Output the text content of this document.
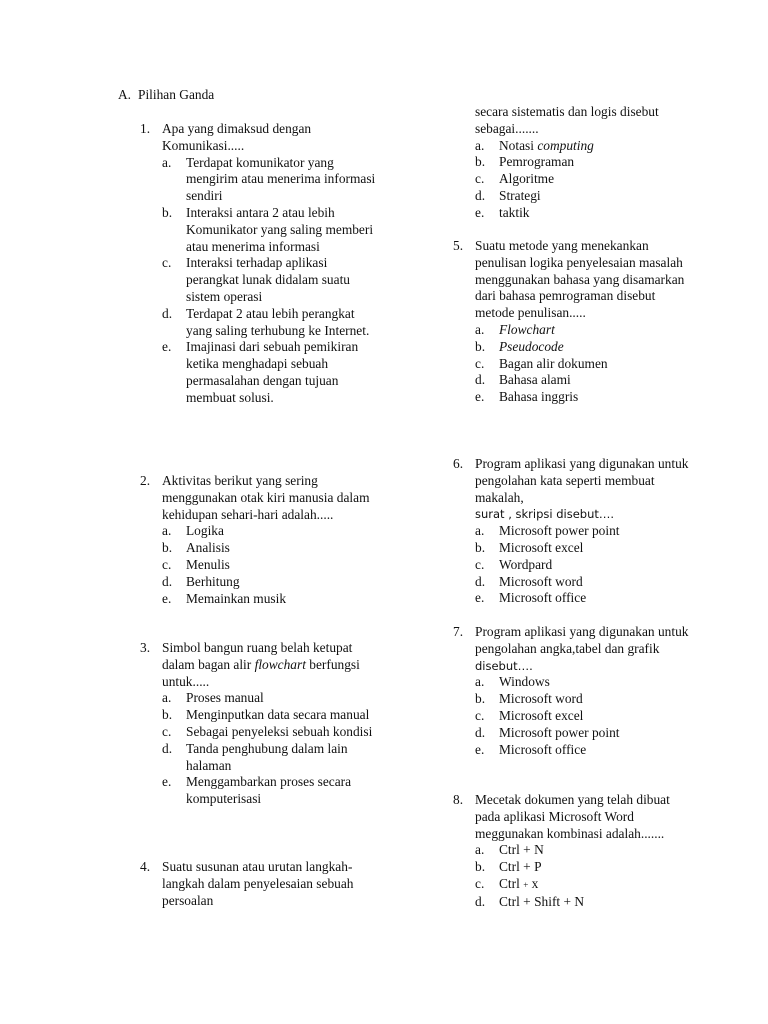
A. Pilihan Ganda
1. Apa yang dimaksud dengan Komunikasi.....
a.	Terdapat komunikator yang mengirim atau menerima informasi sendiri
b.	Interaksi antara 2 atau lebih Komunikator yang saling memberi atau menerima informasi
c.	Interaksi terhadap aplikasi perangkat lunak didalam suatu sistem operasi
d.	Terdapat 2 atau lebih perangkat yang saling terhubung ke Internet.
e.	Imajinasi dari sebuah pemikiran ketika menghadapi sebuah permasalahan dengan tujuan membuat solusi.
2. Aktivitas berikut yang sering menggunakan otak kiri manusia dalam kehidupan sehari-hari adalah.....
a.	Logika
b.	Analisis
c.	Menulis
d.	Berhitung
e.	Memainkan musik
3. Simbol bangun ruang belah ketupat dalam bagan alir flowchart berfungsi untuk.....
a.	Proses manual
b.	Menginputkan data secara manual
c.	Sebagai penyeleksi sebuah kondisi
d.	Tanda penghubung dalam lain halaman
e.	Menggambarkan proses secara komputerisasi
4. Suatu susunan atau urutan langkah-langkah dalam penyelesaian sebuah persoalan
secara sistematis dan logis disebut sebagai.......
a.	Notasi computing
b.	Pemrograman
c.	Algoritme
d.	Strategi
e.	taktik
5. Suatu metode yang menekankan penulisan logika penyelesaian masalah menggunakan bahasa yang disamarkan dari bahasa pemrograman disebut metode penulisan.....
a.	Flowchart
b.	Pseudocode
c.	Bagan alir dokumen
d.	Bahasa alami
e.	Bahasa inggris
6. Program aplikasi yang digunakan untuk pengolahan kata seperti membuat makalah,
surat , skripsi disebut….
a.	Microsoft power point
b.	Microsoft excel
c.	Wordpard
d.	Microsoft word
e.	Microsoft office
7. Program aplikasi yang digunakan untuk pengolahan angka,tabel dan grafik
disebut….
a.	Windows
b.	Microsoft word
c.	Microsoft excel
d.	Microsoft power point
e.	Microsoft office
8. Mecetak dokumen yang telah dibuat pada aplikasi Microsoft Word meggunakan kombinasi adalah.......
a.	Ctrl + N
b.	Ctrl + P
c.	Ctrl + x
d.	Ctrl + Shift + N
